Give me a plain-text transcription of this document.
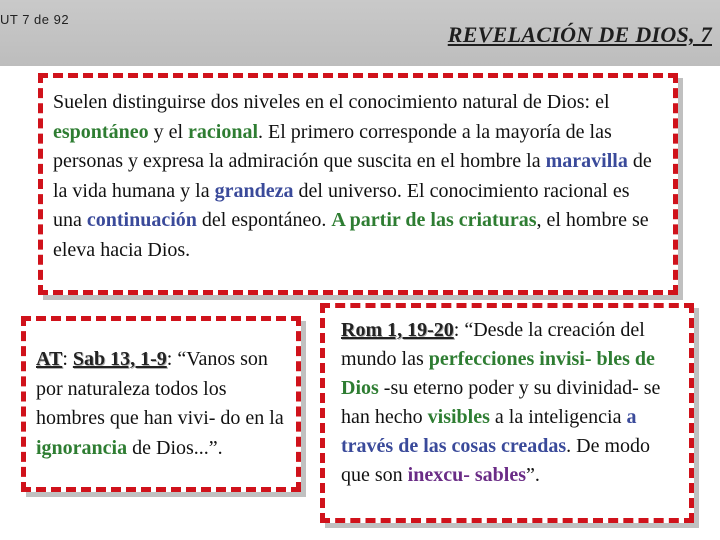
UT 7 de 92
REVELACIÓN DE DIOS, 7

Suelen distinguirse dos niveles en el conocimiento natural de Dios: el espontáneo y el racional. El primero corresponde a la mayoría de las personas y expresa la admiración que suscita en el hombre la maravilla de la vida humana y la grandeza del universo. El conocimiento racional es una continuación del espontáneo. A partir de las criaturas, el hombre se eleva hacia Dios.

AT: Sab 13, 1-9: “Vanos son por naturaleza todos los hombres que han vivi- do en la ignorancia de Dios...”.

Rom 1, 19-20: “Desde la creación del mundo las perfecciones invisi- bles de Dios -su eterno poder y su divinidad- se han hecho visibles a la inteligencia a través de las cosas creadas. De modo que son inexcu- sables”.
